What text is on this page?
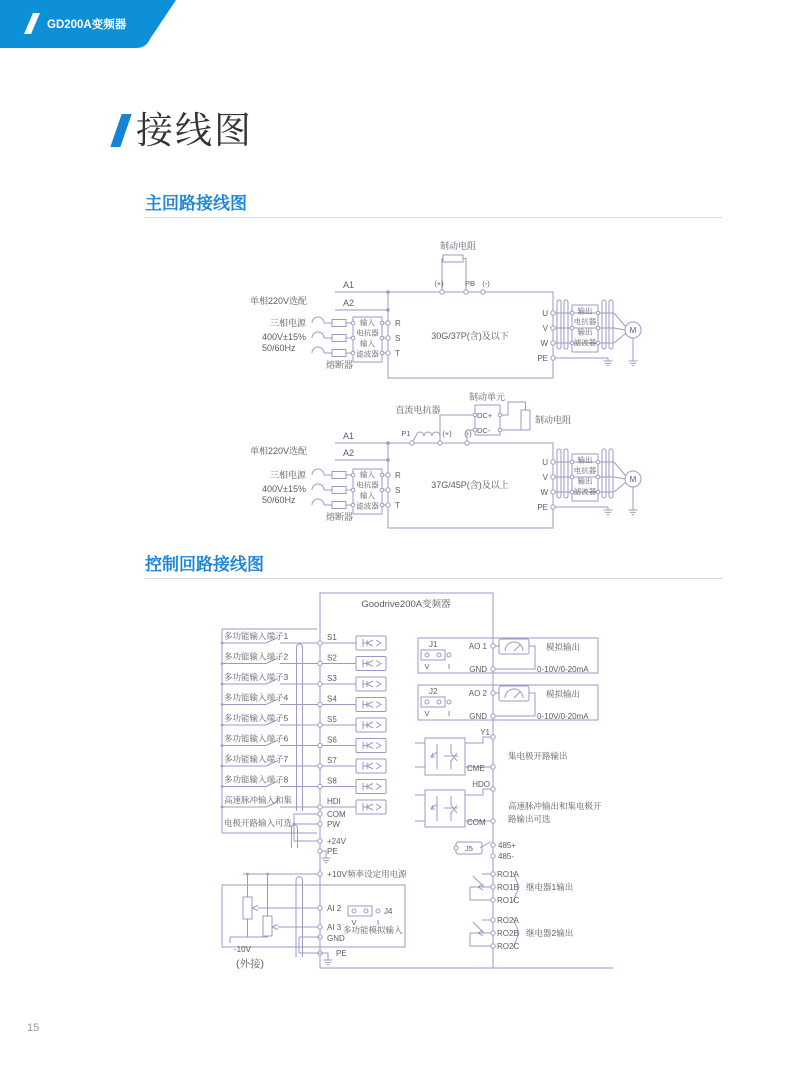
GD200A变频器
接线图
主回路接线图
制动电阻
(+)	PB (-)
A1
A2
单相220V选配
三相电源
400V±15%
50/60Hz
熔断器
输入
电抗器
输入
滤波器
R
S
T
30G/37P(含)及以下
U
V
W
PE
输出
电抗器
输出
滤波器
M
直流电抗器
制动单元
DC+
DC-
制动电阻
P1	(+) (-)
A1
A2
单相220V选配
三相电源
400V±15%
50/60Hz
熔断器
输入
电抗器
输入
滤波器
R
S
T
37G/45P(含)及以上
U
V
W
PE
输出
电抗器
输出
滤波器
M
控制回路接线图
Goodrive200A变频器
多功能输入端子1	S1
多功能输入端子2	S2
多功能输入端子3	S3
多功能输入端子4	S4
多功能输入端子5	S5
多功能输入端子6	S6
多功能输入端子7	S7
多功能输入端子8	S8
高速脉冲输入和集	HDI
电极开路输入可选
COM
PW
+24V
PE
AI 2
AI 3
GND
PE
J4
V	I
多功能模拟输入
-10V
(外接)
+10V频率设定用电源
J1
V I
AO 1
GND
模拟输出
0-10V/0-20mA
J2
V I
AO 2
GND
模拟输出
0-10V/0-20mA
Y1
CME
集电极开路输出
HDO
COM
高速脉冲输出和集电极开
路输出可选
J5	485+
485-
RO1A
RO1B
RO1C
继电器1输出
RO2A
RO2B
RO2C
继电器2输出
15
